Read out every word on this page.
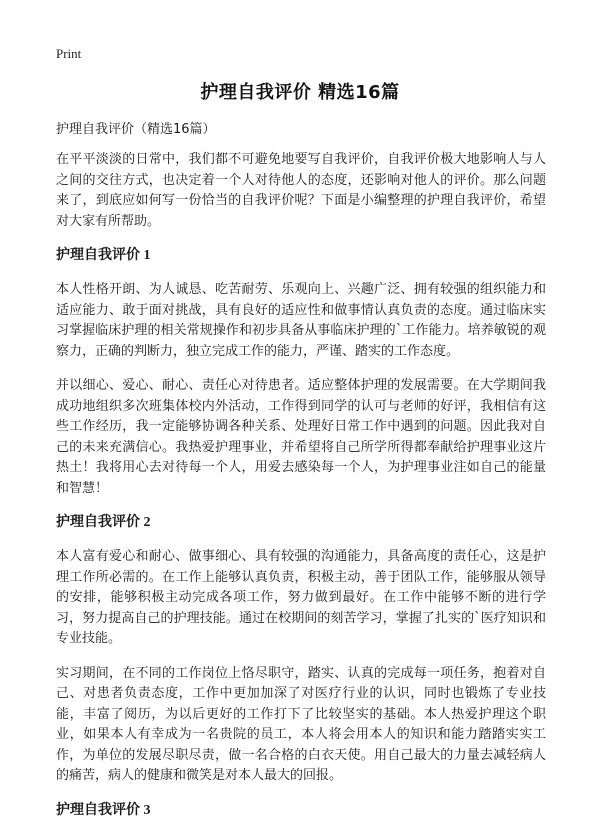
Print
护理自我评价 精选16篇

护理自我评价（精选16篇）

在平平淡淡的日常中，我们都不可避免地要写自我评价，自我评价极大地影响人与人之间的交往方式，也决定着一个人对待他人的态度，还影响对他人的评价。那么问题来了，到底应如何写一份恰当的自我评价呢？下面是小编整理的护理自我评价，希望对大家有所帮助。

护理自我评价 1

本人性格开朗、为人诚恳、吃苦耐劳、乐观向上、兴趣广泛、拥有较强的组织能力和适应能力、敢于面对挑战，具有良好的适应性和做事情认真负责的态度。通过临床实习掌握临床护理的相关常规操作和初步具备从事临床护理的`工作能力。培养敏锐的观察力，正确的判断力，独立完成工作的能力，严谨、踏实的工作态度。

并以细心、爱心、耐心、责任心对待患者。适应整体护理的发展需要。在大学期间我成功地组织多次班集体校内外活动，工作得到同学的认可与老师的好评，我相信有这些工作经历，我一定能够协调各种关系、处理好日常工作中遇到的问题。因此我对自己的未来充满信心。我热爱护理事业，并希望将自己所学所得都奉献给护理事业这片热土！我将用心去对待每一个人，用爱去感染每一个人，为护理事业注如自己的能量和智慧！

护理自我评价 2

本人富有爱心和耐心、做事细心、具有较强的沟通能力，具备高度的责任心，这是护理工作所必需的。在工作上能够认真负责，积极主动，善于团队工作，能够服从领导的安排，能够积极主动完成各项工作，努力做到最好。在工作中能够不断的进行学习，努力提高自己的护理技能。通过在校期间的刻苦学习，掌握了扎实的`医疗知识和专业技能。

实习期间，在不同的工作岗位上恪尽职守，踏实、认真的完成每一项任务，抱着对自己、对患者负责态度，工作中更加加深了对医疗行业的认识，同时也锻炼了专业技能，丰富了阅历，为以后更好的工作打下了比较坚实的基础。本人热爱护理这个职业，如果本人有幸成为一名贵院的员工，本人将会用本人的知识和能力踏踏实实工作，为单位的发展尽职尽责，做一名合格的白衣天使。用自己最大的力量去减轻病人的痛苦，病人的健康和微笑是对本人最大的回报。

护理自我评价 3
